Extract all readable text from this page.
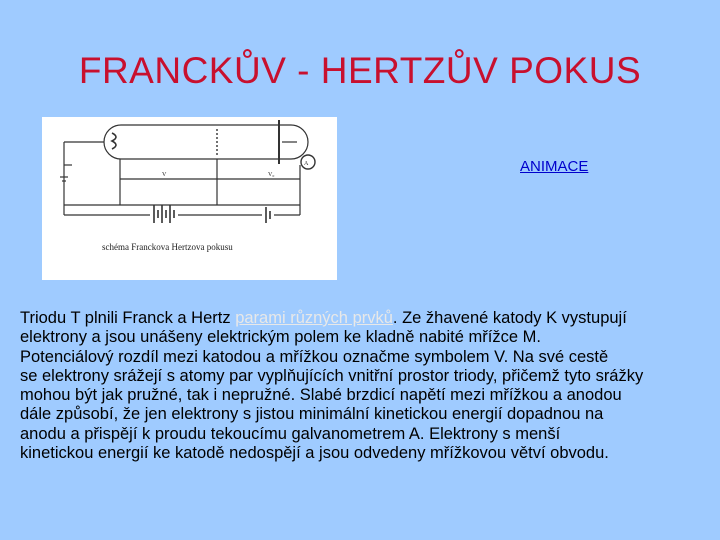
FRANCKŮV - HERTZŮV POKUS
A
V	V₀
schéma Franckova Hertzova pokusu
ANIMACE
Triodu T plnili Franck a Hertz parami různých prvků. Ze žhavené katody K vystupují
elektrony a jsou unášeny elektrickým polem ke kladně nabité mřížce M.
Potenciálový rozdíl mezi katodou a mřížkou označme symbolem V. Na své cestě
se elektrony srážejí s atomy par vyplňujících vnitřní prostor triody, přičemž tyto srážky
mohou být jak pružné, tak i nepružné. Slabé brzdicí napětí mezi mřížkou a anodou
dále způsobí, že jen elektrony s jistou minimální kinetickou energií dopadnou na
anodu a přispějí k proudu tekoucímu galvanometrem A. Elektrony s menší
kinetickou energií ke katodě nedospějí a jsou odvedeny mřížkovou větví obvodu.
